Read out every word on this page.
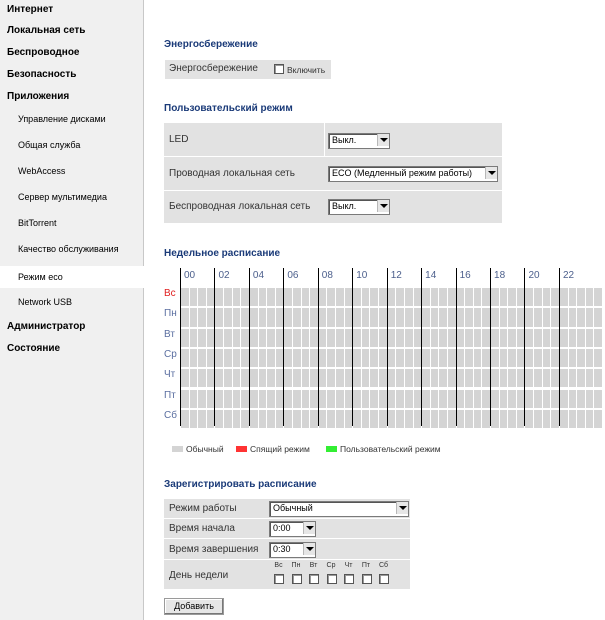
Интернет
Локальная сеть
Беспроводное
Безопасность
Приложения
Управление дисками
Общая служба
WebAccess
Сервер мультимедиа
BitTorrent
Качество обслуживания
Режим eco
Network USB
Администратор
Состояние
Энергосбережение
Энергосбережение	Включить
Пользовательский режим
LED	Выкл.
Проводная локальная сеть	ECO (Медленный режим работы)
Беспроводная локальная сеть Выкл.
Недельное расписание
00 02 04 06 08 10 12 14 16 18 20 22
Вс
Пн
Вт
Ср
Чт
Пт
Сб
Обычный	Спящий режим	Пользовательский режим
Зарегистрировать расписание
Режим работы	Обычный
Время начала	0:00
Время завершения 0:30
День недели
Вс	Пн	Вт	Ср	Чт	Пт	Сб
Добавить
